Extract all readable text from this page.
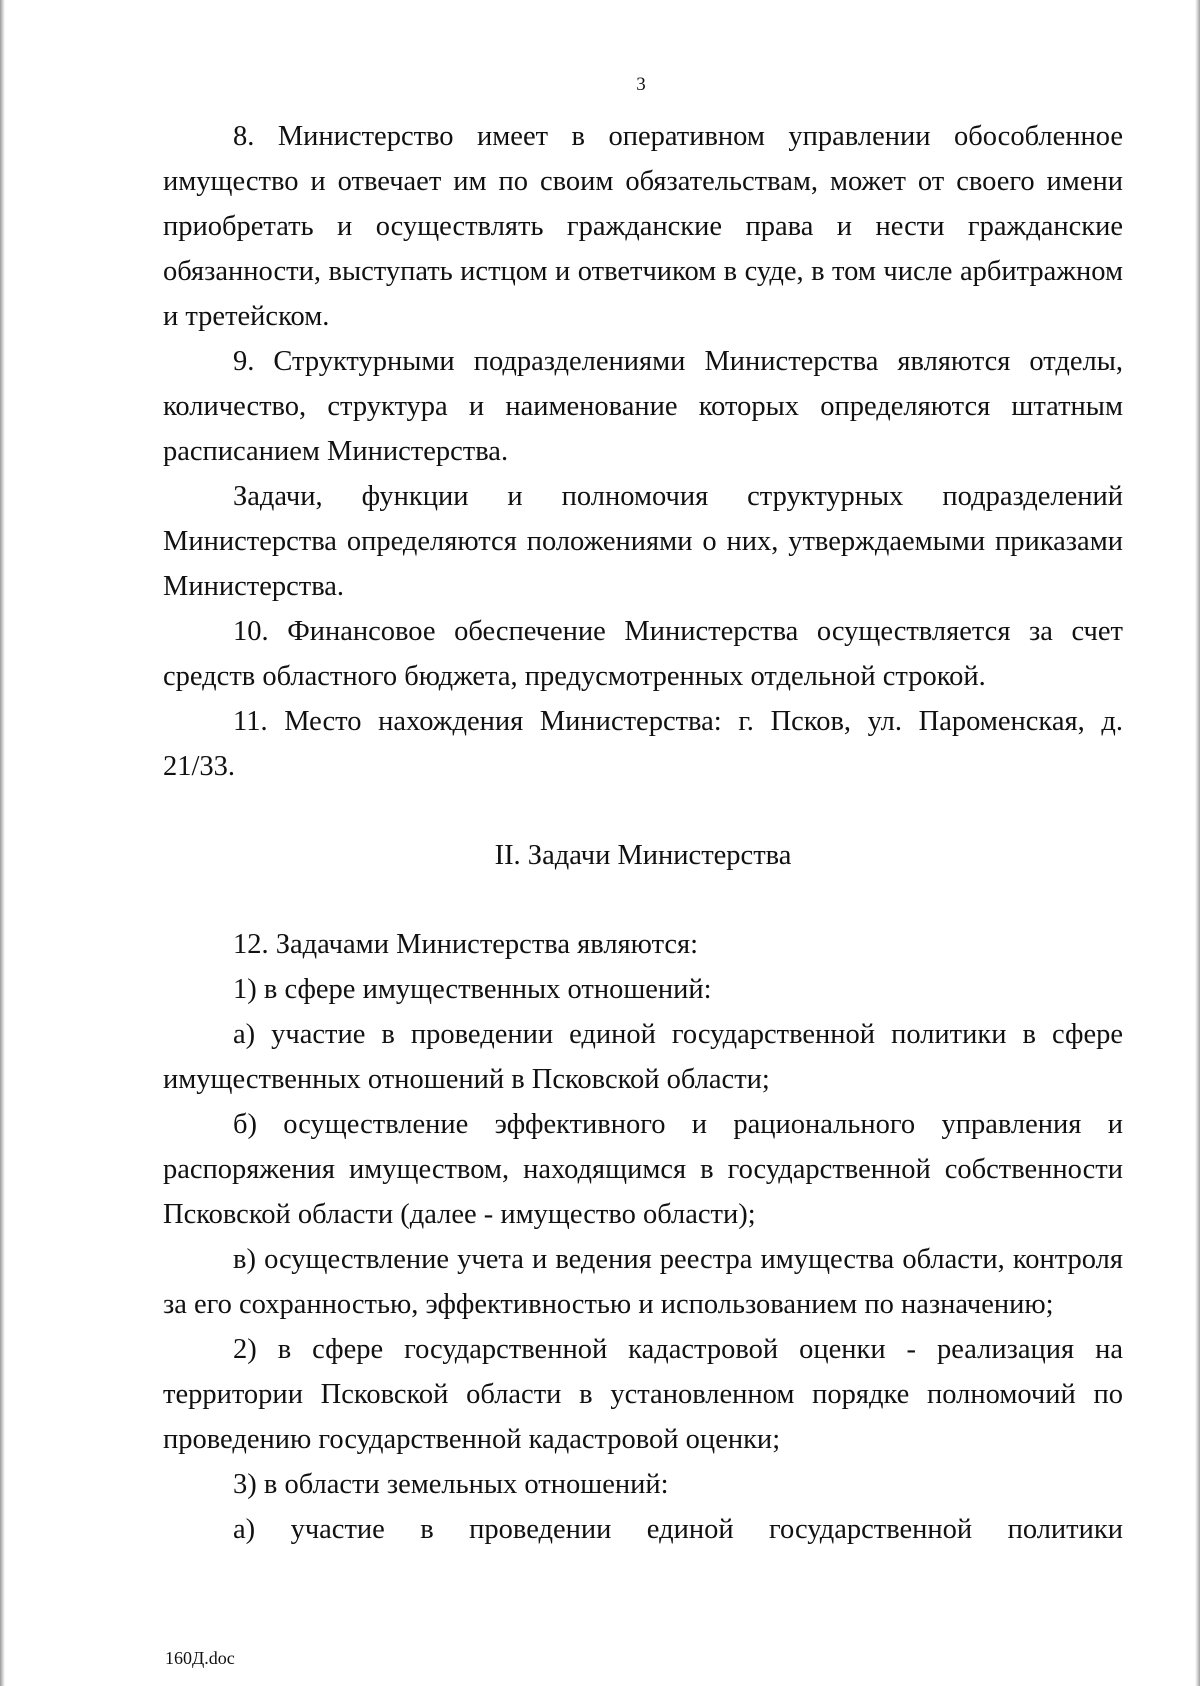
3

8. Министерство имеет в оперативном управлении обособленное имущество и отвечает им по своим обязательствам, может от своего имени приобретать и осуществлять гражданские права и нести гражданские обязанности, выступать истцом и ответчиком в суде, в том числе арбитражном и третейском.

9. Структурными подразделениями Министерства являются отделы, количество, структура и наименование которых определяются штатным расписанием Министерства.

Задачи, функции и полномочия структурных подразделений Министерства определяются положениями о них, утверждаемыми приказами Министерства.

10. Финансовое обеспечение Министерства осуществляется за счет средств областного бюджета, предусмотренных отдельной строкой.

11. Место нахождения Министерства: г. Псков, ул. Пароменская, д. 21/33.

II. Задачи Министерства

12. Задачами Министерства являются:

1) в сфере имущественных отношений:

а) участие в проведении единой государственной политики в сфере имущественных отношений в Псковской области;

б) осуществление эффективного и рационального управления и распоряжения имуществом, находящимся в государственной собственности Псковской области (далее - имущество области);

в) осуществление учета и ведения реестра имущества области, контроля за его сохранностью, эффективностью и использованием по назначению;

2) в сфере государственной кадастровой оценки - реализация на территории Псковской области в установленном порядке полномочий по проведению государственной кадастровой оценки;

3) в области земельных отношений:

а) участие в проведении единой государственной политики

160Д.doc
